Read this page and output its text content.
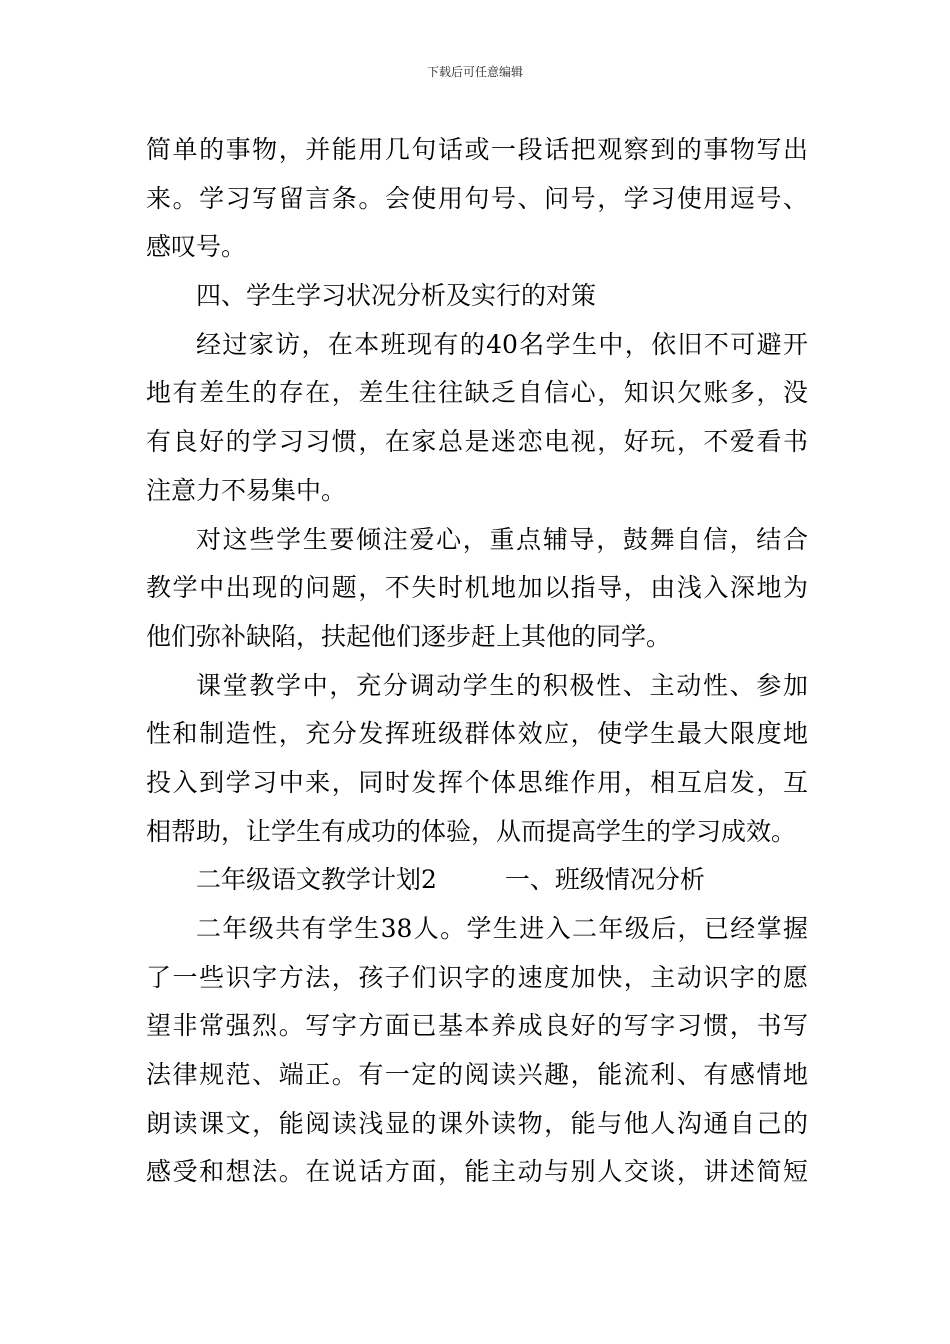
下载后可任意编辑
简单的事物，并能用几句话或一段话把观察到的事物写出
来。学习写留言条。会使用句号、问号，学习使用逗号、
感叹号。
四、学生学习状况分析及实行的对策
经过家访，在本班现有的40名学生中，依旧不可避开
地有差生的存在，差生往往缺乏自信心，知识欠账多，没
有良好的学习习惯，在家总是迷恋电视，好玩，不爱看书
注意力不易集中。
对这些学生要倾注爱心，重点辅导，鼓舞自信，结合
教学中出现的问题，不失时机地加以指导，由浅入深地为
他们弥补缺陷，扶起他们逐步赶上其他的同学。
课堂教学中，充分调动学生的积极性、主动性、参加
性和制造性，充分发挥班级群体效应，使学生最大限度地
投入到学习中来，同时发挥个体思维作用，相互启发，互
相帮助，让学生有成功的体验，从而提高学生的学习成效。
二年级语文教学计划2	一、班级情况分析
二年级共有学生38人。学生进入二年级后，已经掌握
了一些识字方法，孩子们识字的速度加快，主动识字的愿
望非常强烈。写字方面已基本养成良好的写字习惯，书写
法律规范、端正。有一定的阅读兴趣，能流利、有感情地
朗读课文，能阅读浅显的课外读物，能与他人沟通自己的
感受和想法。在说话方面，能主动与别人交谈，讲述简短
